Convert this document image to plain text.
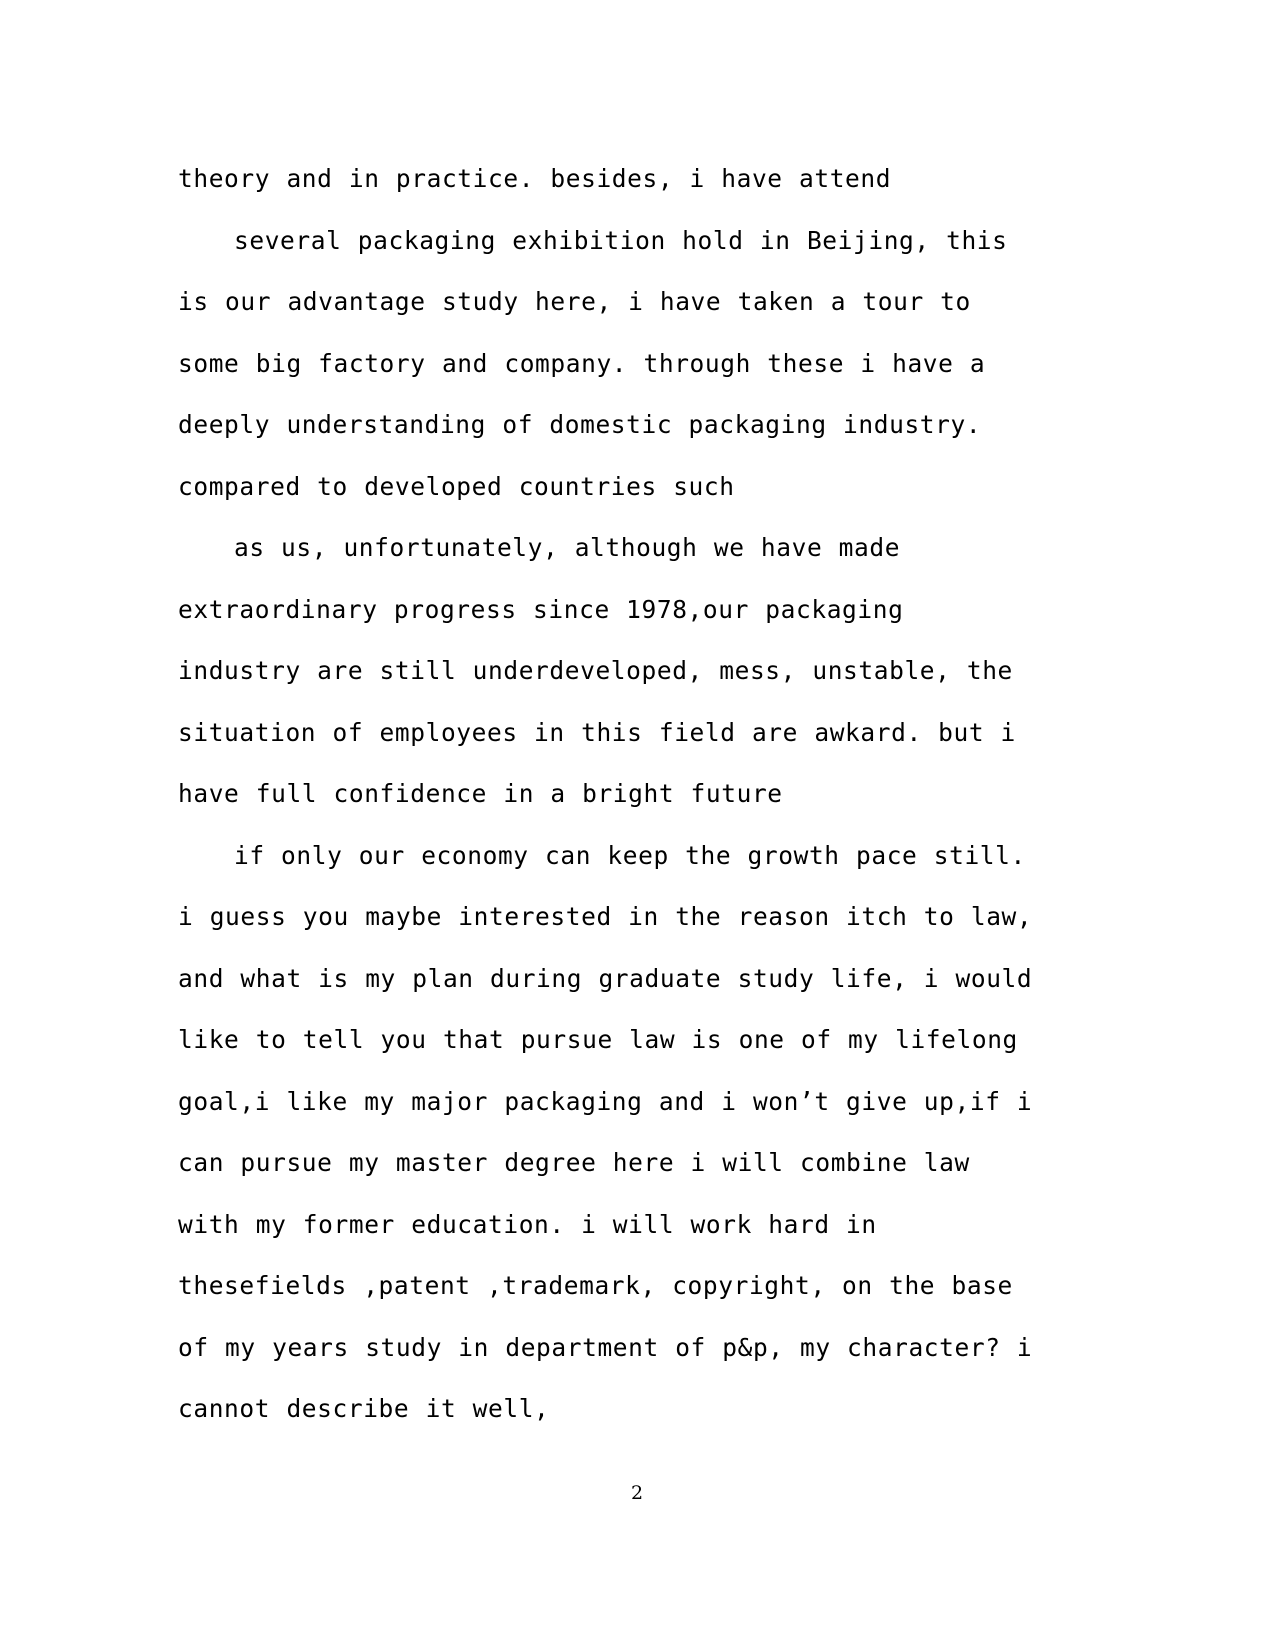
theory and in practice. besides, i have attend

several packaging exhibition hold in Beijing, this is our advantage study here, i have taken a tour to some big factory and company. through these i have a deeply understanding of domestic packaging industry. compared to developed countries such

as us, unfortunately, although we have made extraordinary progress since 1978,our packaging industry are still underdeveloped, mess, unstable, the situation of employees in this field are awkard. but i have full confidence in a bright future

if only our economy can keep the growth pace still. i guess you maybe interested in the reason itch to law, and what is my plan during graduate study life, i would like to tell you that pursue law is one of my lifelong goal,i like my major packaging and i won’t give up,if i can pursue my master degree here i will combine law with my former education. i will work hard in thesefields ,patent ,trademark, copyright, on the base of my years study in department of p&p, my character? i cannot describe it well,

2
